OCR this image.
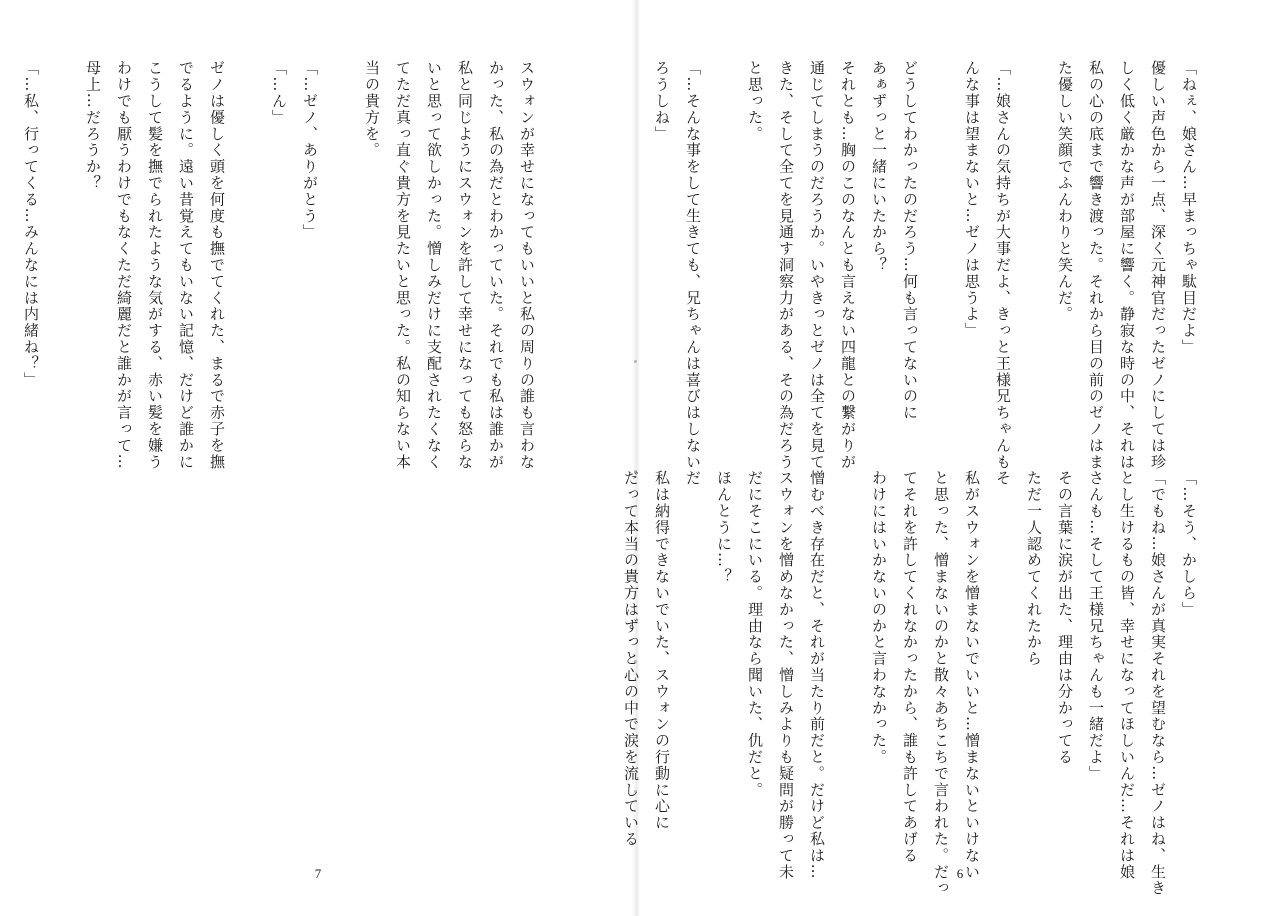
「ねぇ、娘さん…早まっちゃ駄目だよ」
優しい声色から一点、深く元神官だったゼノにしては珍
しく低く厳かな声が部屋に響く。静寂な時の中、それは
私の心の底まで響き渡った。それから目の前のゼノはま
た優しい笑顔でふんわりと笑んだ。

「…娘さんの気持ちが大事だよ、きっと王様兄ちゃんもそ
んな事は望まないと…ゼノは思うよ」

どうしてわかったのだろう…何も言ってないのに
あぁずっと一緒にいたから？
それとも…胸のこのなんとも言えない四龍との繋がりが
通じてしまうのだろうか。いやきっとゼノは全てを見て
きた、そして全てを見通す洞察力がある、その為だろう
と思った。

「…そんな事をして生きても、兄ちゃんは喜びはしないだ
ろうしね」
「…そう、かしら」
「でもね…娘さんが真実それを望むなら…ゼノはね、生き
とし生けるもの皆、幸せになってほしいんだ…それは娘
さんも…そして王様兄ちゃんも一緒だよ」
その言葉に涙が出た、理由は分かってる
ただ一人認めてくれたから

私がスウォンを憎まないでいいと…憎まないといけない
と思った、憎まないのかと散々あちこちで言われた。だっ
てそれを許してくれなかったから、誰も許してあげる
わけにはいかないのかと言わなかった。

憎むべき存在だと、それが当たり前だと。だけど私は…
スウォンを憎めなかった、憎しみよりも疑問が勝って未
だにそこにいる。理由なら聞いた、仇だと。
ほんとうに…？

私は納得できないでいた、スウォンの行動に心に
だって本当の貴方はずっと心の中で涙を流している
6
スウォンが幸せになってもいいと私の周りの誰も言わな
かった、私の為だとわかっていた。それでも私は誰かが
私と同じようにスウォンを許して幸せになっても怒らな
いと思って欲しかった。憎しみだけに支配されたくなく
てただ真っ直ぐ貴方を見たいと思った。私の知らない本
当の貴方を。

「…ゼノ、ありがとう」
「…ん」

ゼノは優しく頭を何度も撫でてくれた、まるで赤子を撫
でるように。遠い昔覚えてもいない記憶、だけど誰かに
こうして髪を撫でられたような気がする、赤い髪を嫌う
わけでも厭うわけでもなくただ綺麗だと誰かが言って…
母上…だろうか？

「…私、行ってくる…みんなには内緒ね？」

7
